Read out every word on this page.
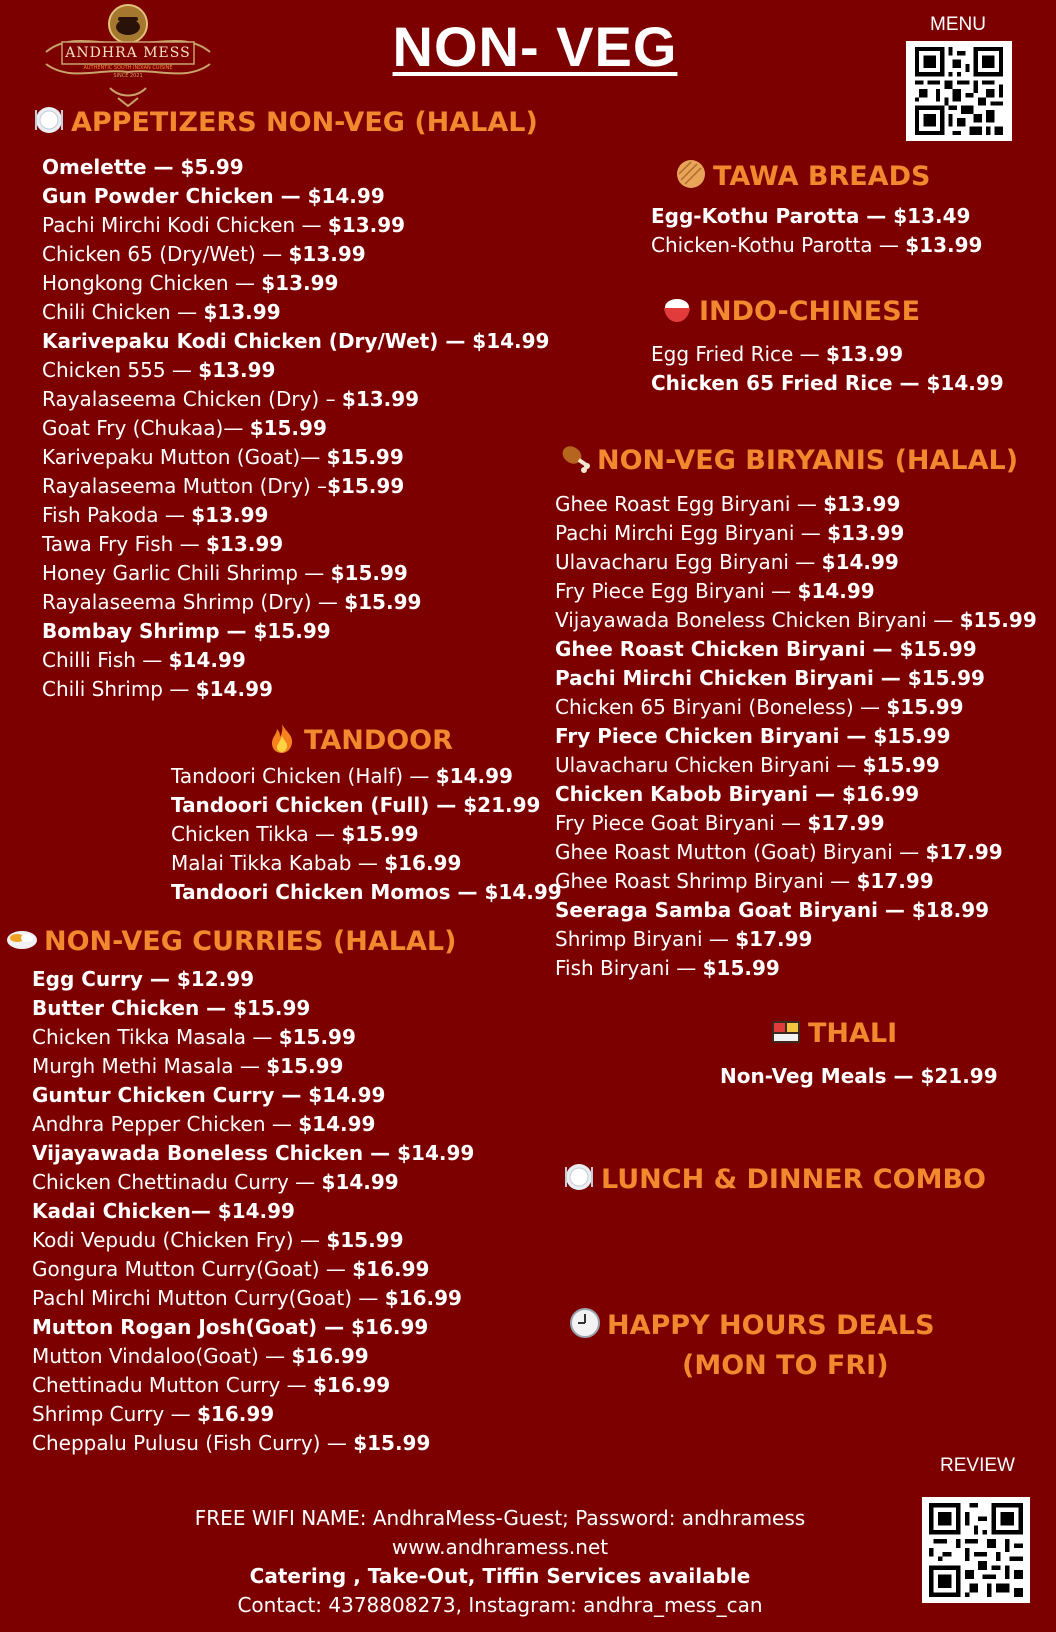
ANDHRA MESS
AUTHENTIC SOUTH INDIAN CUISINE
SINCE 2021	NON- VEG	MENU
APPETIZERS NON-VEG (HALAL)
Omelette — $5.99
Gun Powder Chicken — $14.99
Pachi Mirchi Kodi Chicken — $13.99
Chicken 65 (Dry/Wet) — $13.99
Hongkong Chicken — $13.99
Chili Chicken — $13.99
Karivepaku Kodi Chicken (Dry/Wet) — $14.99
Chicken 555 — $13.99
Rayalaseema Chicken (Dry) – $13.99
Goat Fry (Chukaa)— $15.99
Karivepaku Mutton (Goat)— $15.99
Rayalaseema Mutton (Dry) –$15.99
Fish Pakoda — $13.99
Tawa Fry Fish — $13.99
Honey Garlic Chili Shrimp — $15.99
Rayalaseema Shrimp (Dry) — $15.99
Bombay Shrimp — $15.99
Chilli Fish — $14.99
Chili Shrimp — $14.99
TANDOOR
Tandoori Chicken (Half) — $14.99
Tandoori Chicken (Full) — $21.99
Chicken Tikka — $15.99
Malai Tikka Kabab — $16.99
Tandoori Chicken Momos — $14.99
NON-VEG CURRIES (HALAL)
Egg Curry — $12.99
Butter Chicken — $15.99
Chicken Tikka Masala — $15.99
Murgh Methi Masala — $15.99
Guntur Chicken Curry — $14.99
Andhra Pepper Chicken — $14.99
Vijayawada Boneless Chicken — $14.99
Chicken Chettinadu Curry — $14.99
Kadai Chicken— $14.99
Kodi Vepudu (Chicken Fry) — $15.99
Gongura Mutton Curry(Goat) — $16.99
Pachl Mirchi Mutton Curry(Goat) — $16.99
Mutton Rogan Josh(Goat) — $16.99
Mutton Vindaloo(Goat) — $16.99
Chettinadu Mutton Curry — $16.99
Shrimp Curry — $16.99
Cheppalu Pulusu (Fish Curry) — $15.99
TAWA BREADS
Egg-Kothu Parotta — $13.49
Chicken-Kothu Parotta — $13.99
INDO-CHINESE
Egg Fried Rice — $13.99
Chicken 65 Fried Rice — $14.99
NON-VEG BIRYANIS (HALAL)
Ghee Roast Egg Biryani — $13.99
Pachi Mirchi Egg Biryani — $13.99
Ulavacharu Egg Biryani — $14.99
Fry Piece Egg Biryani — $14.99
Vijayawada Boneless Chicken Biryani — $15.99
Ghee Roast Chicken Biryani — $15.99
Pachi Mirchi Chicken Biryani — $15.99
Chicken 65 Biryani (Boneless) — $15.99
Fry Piece Chicken Biryani — $15.99
Ulavacharu Chicken Biryani — $15.99
Chicken Kabob Biryani — $16.99
Fry Piece Goat Biryani — $17.99
Ghee Roast Mutton (Goat) Biryani — $17.99
Ghee Roast Shrimp Biryani — $17.99
Seeraga Samba Goat Biryani — $18.99
Shrimp Biryani — $17.99
Fish Biryani — $15.99
THALI
Non-Veg Meals — $21.99
LUNCH & DINNER COMBO
HAPPY HOURS DEALS
(MON TO FRI)
REVIEW
FREE WIFI NAME: AndhraMess-Guest; Password: andhramess
www.andhramess.net
Catering , Take-Out, Tiffin Services available
Contact: 4378808273, Instagram: andhra_mess_can
